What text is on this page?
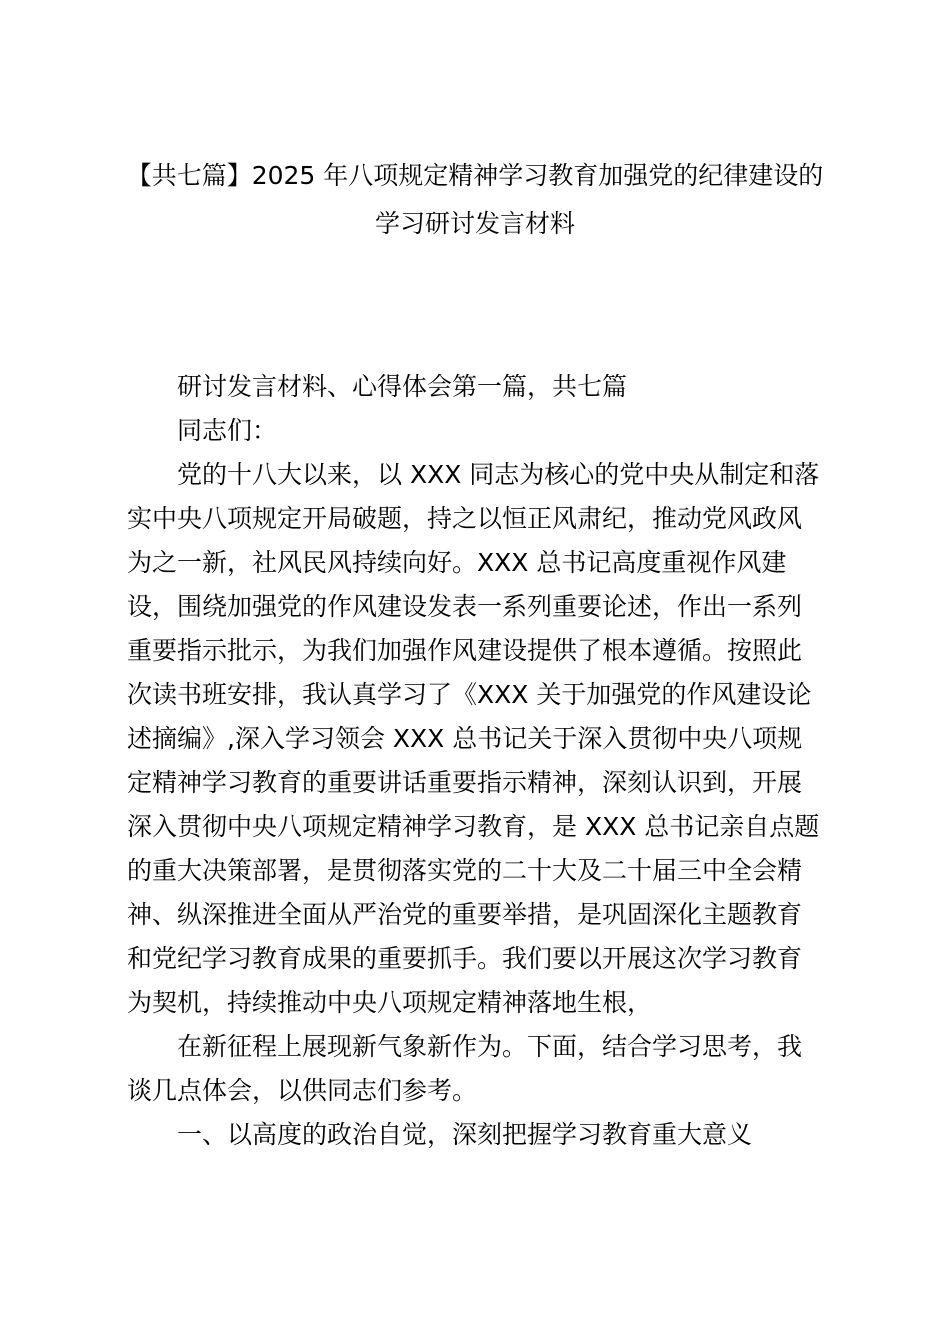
【共七篇】2025 年八项规定精神学习教育加强党的纪律建设的
学习研讨发言材料

研讨发言材料、心得体会第一篇，共七篇

同志们：

党的十八大以来，以 XXX 同志为核心的党中央从制定和落
实中央八项规定开局破题，持之以恒正风肃纪，推动党风政风
为之一新，社风民风持续向好。XXX 总书记高度重视作风建
设，围绕加强党的作风建设发表一系列重要论述，作出一系列
重要指示批示，为我们加强作风建设提供了根本遵循。按照此
次读书班安排，我认真学习了《XXX 关于加强党的作风建设论
述摘编》,深入学习领会 XXX 总书记关于深入贯彻中央八项规
定精神学习教育的重要讲话重要指示精神，深刻认识到，开展
深入贯彻中央八项规定精神学习教育，是 XXX 总书记亲自点题
的重大决策部署，是贯彻落实党的二十大及二十届三中全会精
神、纵深推进全面从严治党的重要举措，是巩固深化主题教育
和党纪学习教育成果的重要抓手。我们要以开展这次学习教育
为契机，持续推动中央八项规定精神落地生根，

在新征程上展现新气象新作为。下面，结合学习思考，我
谈几点体会，以供同志们参考。

一、以高度的政治自觉，深刻把握学习教育重大意义
